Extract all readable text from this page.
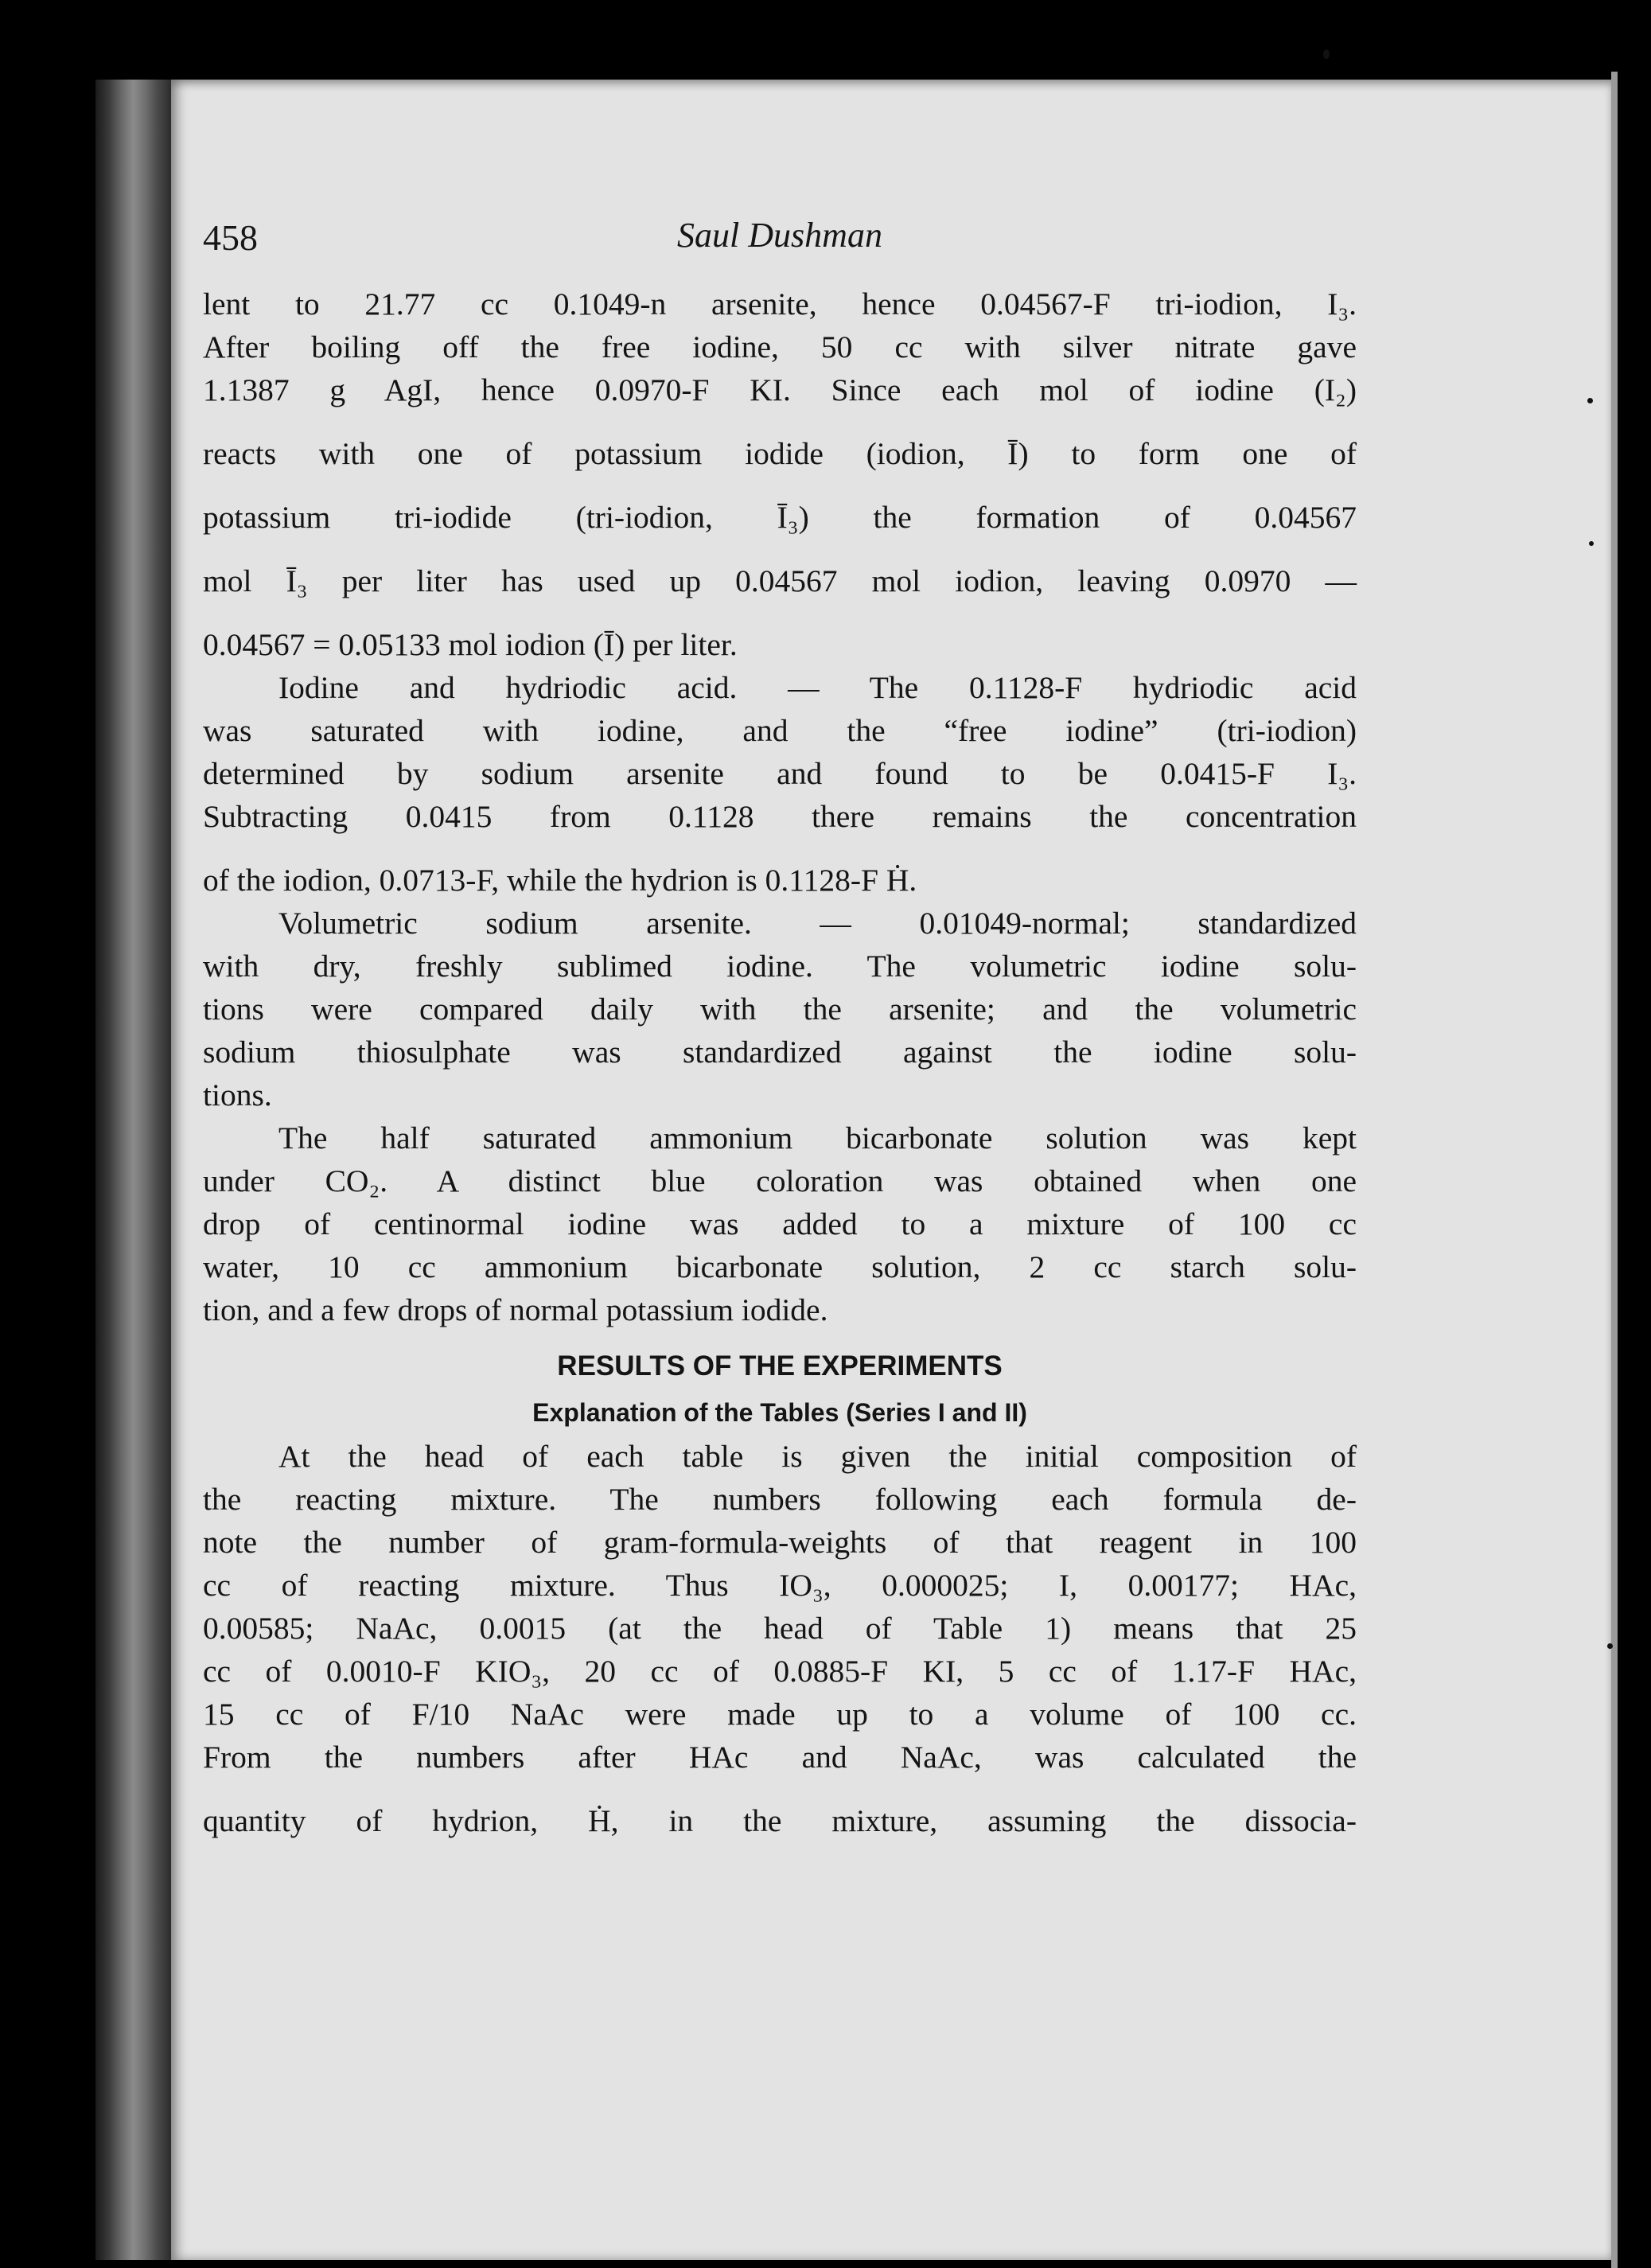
458	Saul Dushman
lent to 21.77 cc 0.1049-n arsenite, hence 0.04567-F tri-iodion, I₃.
After boiling off the free iodine, 50 cc with silver nitrate gave
1.1387 g AgI, hence 0.0970-F KI. Since each mol of iodine (I₂)
reacts with one of potassium iodide (iodion, Ī) to form one of
potassium tri-iodide (tri-iodion, Ī₃) the formation of 0.04567
mol Ī₃ per liter has used up 0.04567 mol iodion, leaving 0.0970 —
0.04567 = 0.05133 mol iodion (Ī) per liter.
Iodine and hydriodic acid. — The 0.1128-F hydriodic acid
was saturated with iodine, and the “free iodine” (tri-iodion)
determined by sodium arsenite and found to be 0.0415-F I₃.
Subtracting 0.0415 from 0.1128 there remains the concentration
of the iodion, 0.0713-F, while the hydrion is 0.1128-F Ḣ.
Volumetric sodium arsenite. — 0.01049-normal; standardized
with dry, freshly sublimed iodine. The volumetric iodine solu-
tions were compared daily with the arsenite; and the volumetric
sodium thiosulphate was standardized against the iodine solu-
tions.
The half saturated ammonium bicarbonate solution was kept
under CO₂. A distinct blue coloration was obtained when one
drop of centinormal iodine was added to a mixture of 100 cc
water, 10 cc ammonium bicarbonate solution, 2 cc starch solu-
tion, and a few drops of normal potassium iodide.
RESULTS OF THE EXPERIMENTS
Explanation of the Tables (Series I and II)
At the head of each table is given the initial composition of
the reacting mixture. The numbers following each formula de-
note the number of gram-formula-weights of that reagent in 100
cc of reacting mixture. Thus IO₃, 0.000025; I, 0.00177; HAc,
0.00585; NaAc, 0.0015 (at the head of Table 1) means that 25
cc of 0.0010-F KIO₃, 20 cc of 0.0885-F KI, 5 cc of 1.17-F HAc,
15 cc of F/10 NaAc were made up to a volume of 100 cc.
From the numbers after HAc and NaAc, was calculated the
quantity of hydrion, Ḣ, in the mixture, assuming the dissocia-
